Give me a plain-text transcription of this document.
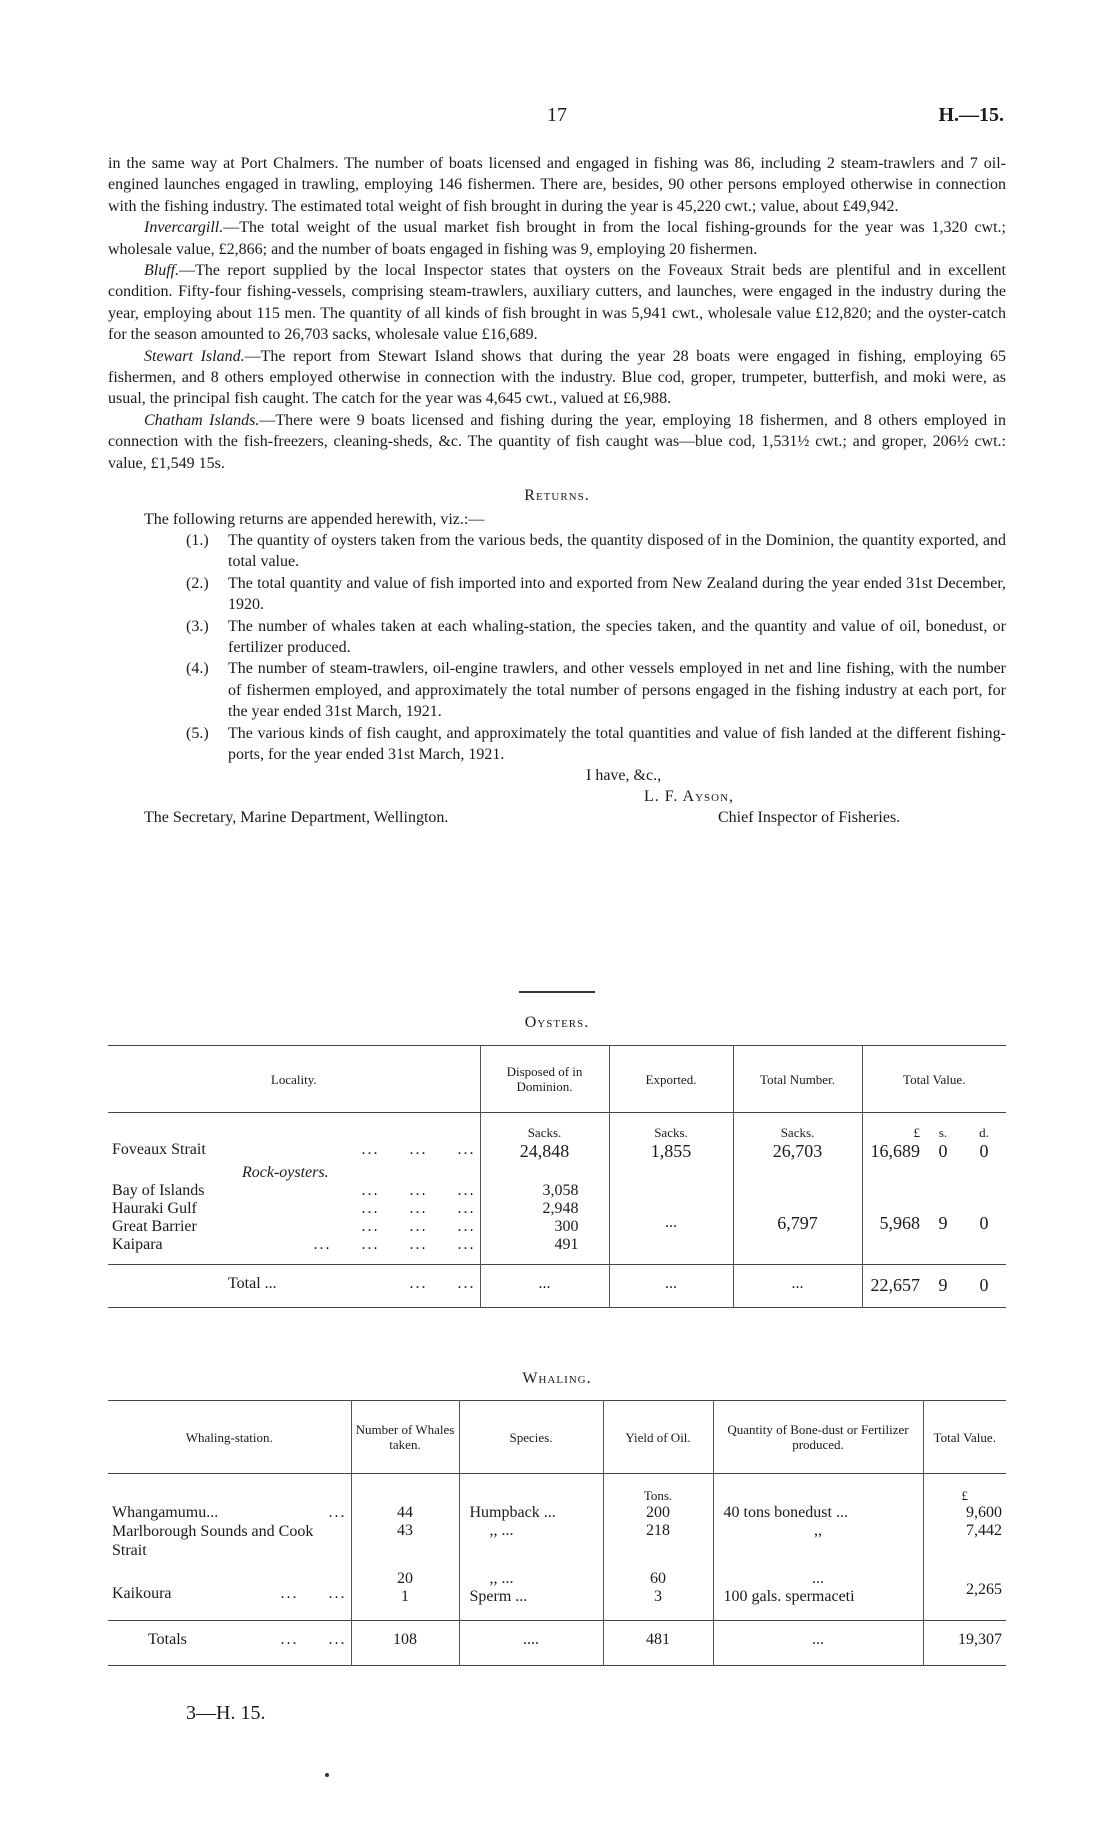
17	H.—15.

in the same way at Port Chalmers. The number of boats licensed and engaged in fishing was 86, including 2 steam-trawlers and 7 oil-engined launches engaged in trawling, employing 146 fishermen. There are, besides, 90 other persons employed otherwise in connection with the fishing industry. The estimated total weight of fish brought in during the year is 45,220 cwt.; value, about £49,942.

Invercargill.—The total weight of the usual market fish brought in from the local fishing-grounds for the year was 1,320 cwt.; wholesale value, £2,866; and the number of boats engaged in fishing was 9, employing 20 fishermen.

Bluff.—The report supplied by the local Inspector states that oysters on the Foveaux Strait beds are plentiful and in excellent condition. Fifty-four fishing-vessels, comprising steam-trawlers, auxiliary cutters, and launches, were engaged in the industry during the year, employing about 115 men. The quantity of all kinds of fish brought in was 5,941 cwt., wholesale value £12,820; and the oyster-catch for the season amounted to 26,703 sacks, wholesale value £16,689.

Stewart Island.—The report from Stewart Island shows that during the year 28 boats were engaged in fishing, employing 65 fishermen, and 8 others employed otherwise in connection with the industry. Blue cod, groper, trumpeter, butterfish, and moki were, as usual, the principal fish caught. The catch for the year was 4,645 cwt., valued at £6,988.

Chatham Islands.—There were 9 boats licensed and fishing during the year, employing 18 fishermen, and 8 others employed in connection with the fish-freezers, cleaning-sheds, &c. The quantity of fish caught was—blue cod, 1,531½ cwt.; and groper, 206½ cwt.: value, £1,549 15s.

Returns.

The following returns are appended herewith, viz.:—

(1.)	The quantity of oysters taken from the various beds, the quantity disposed of in the Dominion, the quantity exported, and total value.
(2.)	The total quantity and value of fish imported into and exported from New Zealand during the year ended 31st December, 1920.
(3.)	The number of whales taken at each whaling-station, the species taken, and the quantity and value of oil, bonedust, or fertilizer produced.
(4.)	The number of steam-trawlers, oil-engine trawlers, and other vessels employed in net and line fishing, with the number of fishermen employed, and approximately the total number of persons engaged in the fishing industry at each port, for the year ended 31st March, 1921.
(5.)	The various kinds of fish caught, and approximately the total quantities and value of fish landed at the different fishing-ports, for the year ended 31st March, 1921.
I have, &c.,
L. F. Ayson,
The Secretary, Marine Department, Wellington.	Chief Inspector of Fisheries.
Oysters.
Locality.	Disposed of in Dominion.	Exported.	Total Number.	Total Value.		
	Sacks.	Sacks.	Sacks.	£	s.	d.
Foveaux Strait ...     ...     ...	24,848	1,855	26,703	16,689	0	0
Rock-oysters.						
Bay of Islands ...     ...     ...	3,058	...	6,797	5,968	9	0
Hauraki Gulf ...     ...     ...	2,948					
Great Barrier ...     ...     ...	300					
Kaipara ...     ...     ...     ...	491					
Total ... ...     ...	...	...	...	22,657	9	0
Whaling.
Whaling-station.	Number of Whales taken.	Species.	Yield of Oil.	Quantity of Bone-dust or Fertilizer produced.	Total Value.
			Tons.		£
Whangamumu... ...	44	Humpback ...	200	40 tons bonedust ...	9,600
Marlborough Sounds and Cook Strait	43	,, ...	218	,,	7,442
Kaikoura ...     ...	20	,, ...	60	...	2,265
	1	Sperm ...	3	100 gals. spermaceti	
Totals ...     ...	108	....	481	...	19,307
3—H. 15.
